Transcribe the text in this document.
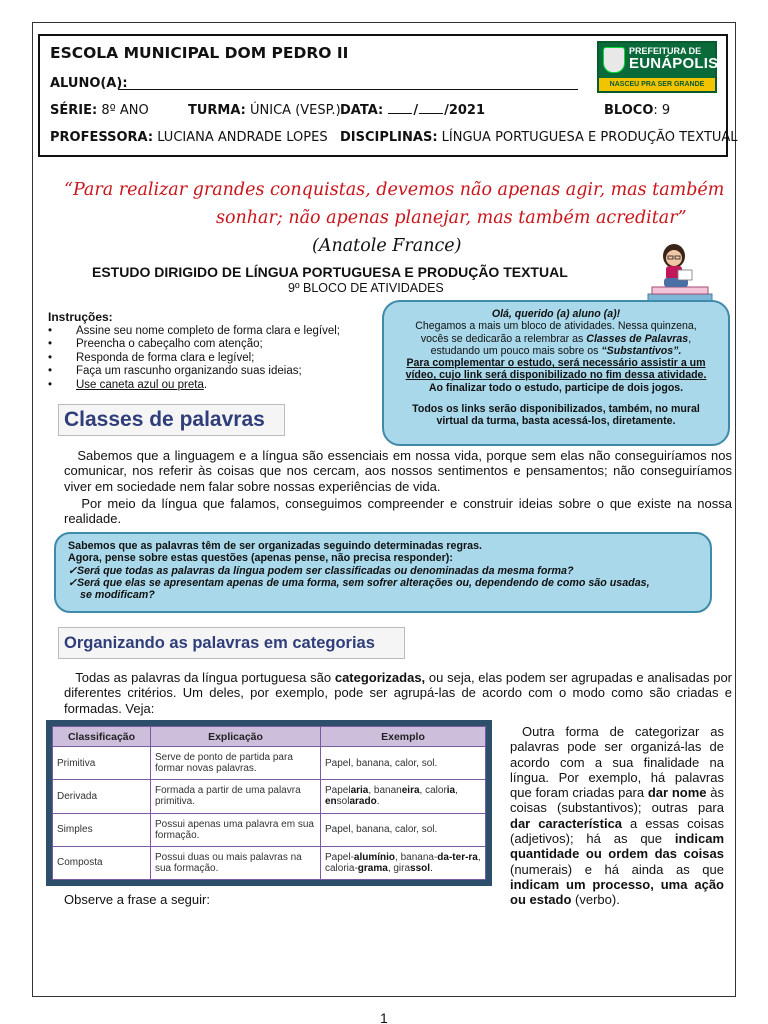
ESCOLA MUNICIPAL DOM PEDRO II
ALUNO(A):
SÉRIE: 8º ANO	TURMA: ÚNICA (VESP.) DATA: / /2021	BLOCO: 9
PROFESSORA: LUCIANA ANDRADE LOPES DISCIPLINAS: LÍNGUA PORTUGUESA E PRODUÇÃO TEXTUAL
PREFEITURA DE
EUNÁPOLIS
NASCEU PRA SER GRANDE
“Para realizar grandes conquistas, devemos não apenas agir, mas também
sonhar; não apenas planejar, mas também acreditar”
(Anatole France)
ESTUDO DIRIGIDO DE LÍNGUA PORTUGUESA E PRODUÇÃO TEXTUAL
9º BLOCO DE ATIVIDADES
Instruções:
• Assine seu nome completo de forma clara e legível;
• Preencha o cabeçalho com atenção;
• Responda de forma clara e legível;
• Faça um rascunho organizando suas ideias;
• Use caneta azul ou preta.
Olá, querido (a) aluno (a)!
Chegamos a mais um bloco de atividades. Nessa quinzena,
vocês se dedicarão a relembrar as Classes de Palavras,
estudando um pouco mais sobre os “Substantivos”.
Para complementar o estudo, será necessário assistir a um
vídeo, cujo link será disponibilizado no fim dessa atividade.
Ao finalizar todo o estudo, participe de dois jogos.
Todos os links serão disponibilizados, também, no mural
virtual da turma, basta acessá-los, diretamente.
Classes de palavras
Sabemos que a linguagem e a língua são essenciais em nossa vida, porque sem elas não conseguiríamos nos comunicar, nos referir às coisas que nos cercam, aos nossos sentimentos e pensamentos; não conseguiríamos viver em sociedade nem falar sobre nossas experiências de vida.
Por meio da língua que falamos, conseguimos compreender e construir ideias sobre o que existe na nossa realidade.
Sabemos que as palavras têm de ser organizadas seguindo determinadas regras.
Agora, pense sobre estas questões (apenas pense, não precisa responder):
✓Será que todas as palavras da língua podem ser classificadas ou denominadas da mesma forma?
✓Será que elas se apresentam apenas de uma forma, sem sofrer alterações ou, dependendo de como são usadas,
se modificam?
Organizando as palavras em categorias
Todas as palavras da língua portuguesa são categorizadas, ou seja, elas podem ser agrupadas e analisadas por diferentes critérios. Um deles, por exemplo, pode ser agrupá-las de acordo com o modo como são criadas e formadas. Veja:
Classificação	Explicação	Exemplo
Primitiva	Serve de ponto de partida para formar novas palavras.	Papel, banana, calor, sol.
Derivada	Formada a partir de uma palavra primitiva.	Papelaria, bananeira, caloria, ensolarado.
Simples	Possui apenas uma palavra em sua formação.	Papel, banana, calor, sol.
Composta	Possui duas ou mais palavras na sua formação.	Papel-alumínio, banana-da-ter-ra, caloria-grama, girassol.
Outra forma de categorizar as palavras pode ser organizá-las de acordo com a sua finalidade na língua. Por exemplo, há palavras que foram criadas para dar nome às coisas (substantivos); outras para dar característica a essas coisas (adjetivos); há as que indicam quantidade ou ordem das coisas (numerais) e há ainda as que indicam um processo, uma ação ou estado (verbo).
Observe a frase a seguir:
1
